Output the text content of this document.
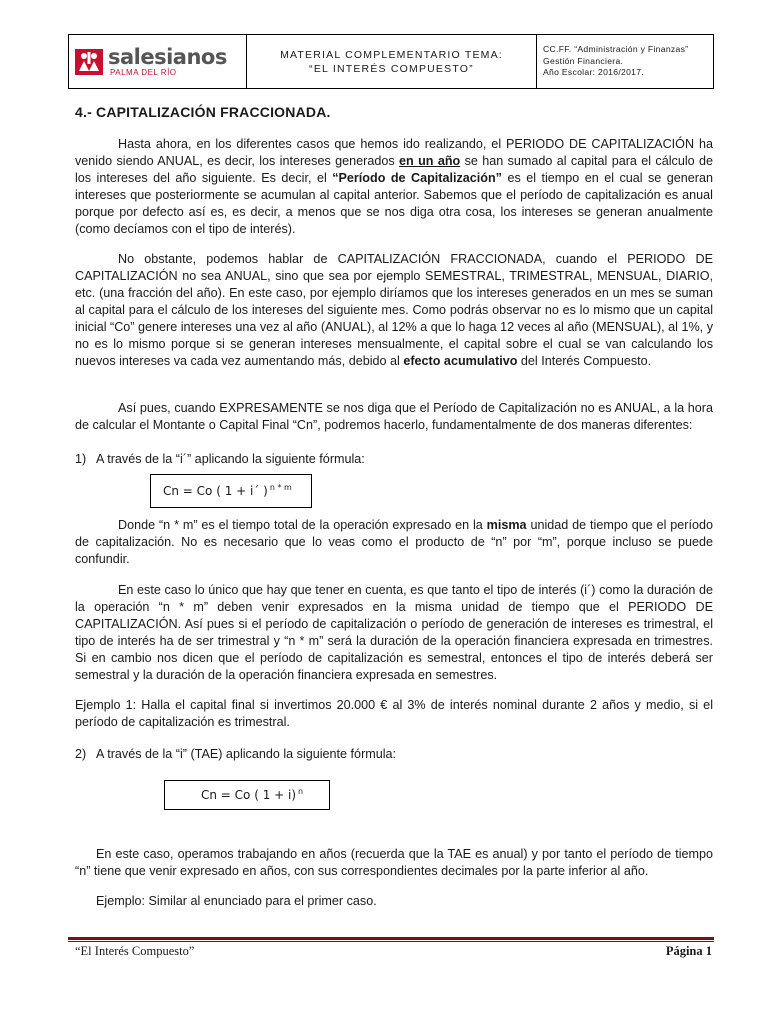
salesianos
PALMA DEL RÍO
MATERIAL COMPLEMENTARIO TEMA:
“EL INTERÉS COMPUESTO”
CC.FF. “Administración y Finanzas”
Gestión Financiera.
Año Escolar: 2016/2017.
4.- CAPITALIZACIÓN FRACCIONADA.

Hasta ahora, en los diferentes casos que hemos ido realizando, el PERIODO DE CAPITALIZACIÓN ha venido siendo ANUAL, es decir, los intereses generados en un año se han sumado al capital para el cálculo de los intereses del año siguiente. Es decir, el “Período de Capitalización” es el tiempo en el cual se generan intereses que posteriormente se acumulan al capital anterior. Sabemos que el período de capitalización es anual porque por defecto así es, es decir, a menos que se nos diga otra cosa, los intereses se generan anualmente (como decíamos con el tipo de interés).

No obstante, podemos hablar de CAPITALIZACIÓN FRACCIONADA, cuando el PERIODO DE CAPITALIZACIÓN no sea ANUAL, sino que sea por ejemplo SEMESTRAL, TRIMESTRAL, MENSUAL, DIARIO, etc. (una fracción del año). En este caso, por ejemplo diríamos que los intereses generados en un mes se suman al capital para el cálculo de los intereses del siguiente mes. Como podrás observar no es lo mismo que un capital inicial “Co” genere intereses una vez al año (ANUAL), al 12% a que lo haga 12 veces al año (MENSUAL), al 1%, y no es lo mismo porque si se generan intereses mensualmente, el capital sobre el cual se van calculando los nuevos intereses va cada vez aumentando más, debido al efecto acumulativo del Interés Compuesto.

Así pues, cuando EXPRESAMENTE se nos diga que el Período de Capitalización no es ANUAL, a la hora de calcular el Montante o Capital Final “Cn”, podremos hacerlo, fundamentalmente de dos maneras diferentes:

1) A través de la “i´” aplicando la siguiente fórmula:
Cn = Co ( 1 + i´ ) $^{n * m}$

Donde “n * m” es el tiempo total de la operación expresado en la misma unidad de tiempo que el período de capitalización. No es necesario que lo veas como el producto de “n” por “m”, porque incluso se puede confundir.

En este caso lo único que hay que tener en cuenta, es que tanto el tipo de interés (i´) como la duración de la operación “n * m” deben venir expresados en la misma unidad de tiempo que el PERIODO DE CAPITALIZACIÓN. Así pues si el período de capitalización o período de generación de intereses es trimestral, el tipo de interés ha de ser trimestral y “n * m” será la duración de la operación financiera expresada en trimestres. Si en cambio nos dicen que el período de capitalización es semestral, entonces el tipo de interés deberá ser semestral y la duración de la operación financiera expresada en semestres.

Ejemplo 1: Halla el capital final si invertimos 20.000 € al 3% de interés nominal durante 2 años y medio, si el período de capitalización es trimestral.

2) A través de la “i” (TAE) aplicando la siguiente fórmula:
Cn = Co ( 1 + i) $^n$

En este caso, operamos trabajando en años (recuerda que la TAE es anual) y por tanto el período de tiempo “n” tiene que venir expresado en años, con sus correspondientes decimales por la parte inferior al año.

Ejemplo: Similar al enunciado para el primer caso.

“El Interés Compuesto”	Página 1
